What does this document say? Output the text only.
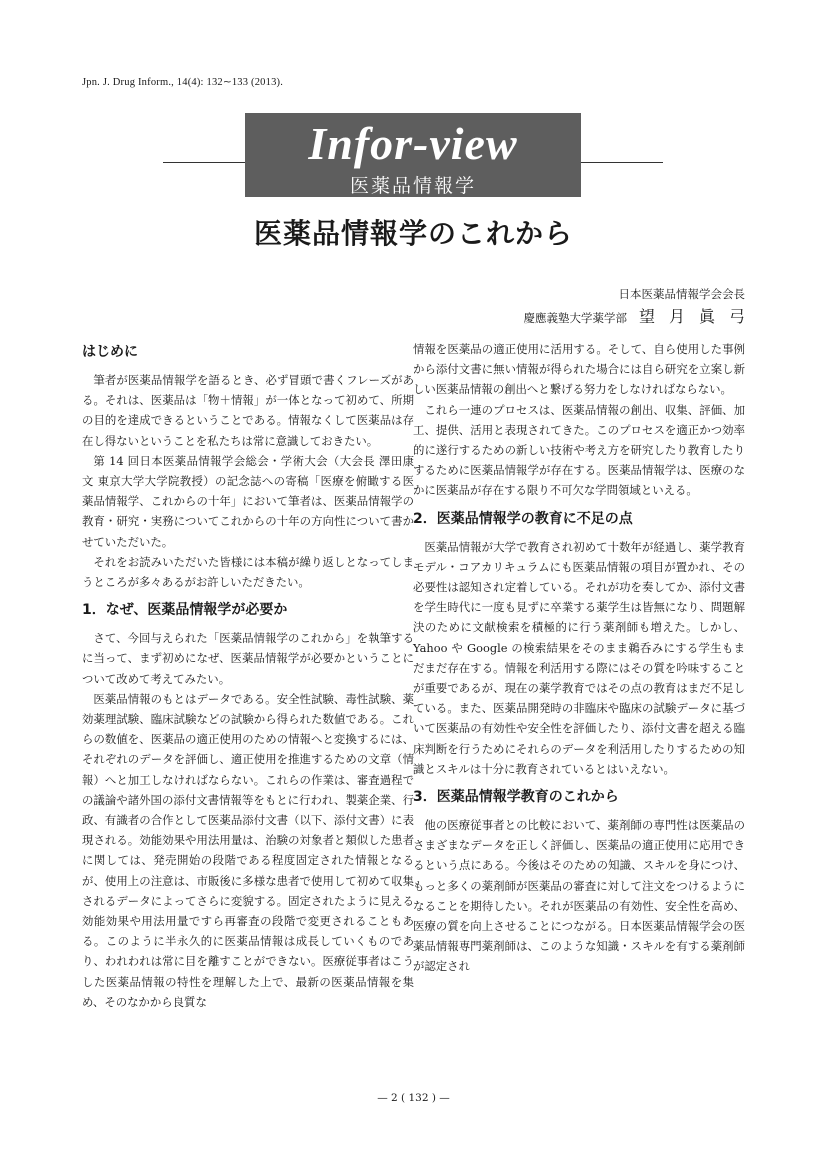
Jpn. J. Drug Inform., 14(4): 132∼133 (2013).
Infor-view
医薬品情報学
医薬品情報学のこれから
日本医薬品情報学会会長
慶應義塾大学薬学部 望月眞弓
はじめに

筆者が医薬品情報学を語るとき、必ず冒頭で書くフレーズがある。それは、医薬品は「物＋情報」が一体となって初めて、所期の目的を達成できるということである。情報なくして医薬品は存在し得ないということを私たちは常に意識しておきたい。

第 14 回日本医薬品情報学会総会・学術大会（大会長 澤田康文 東京大学大学院教授）の記念誌への寄稿「医療を俯瞰する医薬品情報学、これからの十年」において筆者は、医薬品情報学の教育・研究・実務についてこれからの十年の方向性について書かせていただいた。

それをお読みいただいた皆様には本稿が繰り返しとなってしまうところが多々あるがお許しいただきたい。

1．なぜ、医薬品情報学が必要か

さて、今回与えられた「医薬品情報学のこれから」を執筆するに当って、まず初めになぜ、医薬品情報学が必要かということについて改めて考えてみたい。

医薬品情報のもとはデータである。安全性試験、毒性試験、薬効薬理試験、臨床試験などの試験から得られた数値である。これらの数値を、医薬品の適正使用のための情報へと変換するには、それぞれのデータを評価し、適正使用を推進するための文章（情報）へと加工しなければならない。これらの作業は、審査過程での議論や諸外国の添付文書情報等をもとに行われ、製薬企業、行政、有識者の合作として医薬品添付文書（以下、添付文書）に表現される。効能効果や用法用量は、治験の対象者と類似した患者に関しては、発売開始の段階である程度固定された情報となるが、使用上の注意は、市販後に多様な患者で使用して初めて収集されるデータによってさらに変貌する。固定されたように見える効能効果や用法用量ですら再審査の段階で変更されることもある。このように半永久的に医薬品情報は成長していくものであり、われわれは常に目を離すことができない。医療従事者はこうした医薬品情報の特性を理解した上で、最新の医薬品情報を集め、そのなかから良質な

情報を医薬品の適正使用に活用する。そして、自ら使用した事例から添付文書に無い情報が得られた場合には自ら研究を立案し新しい医薬品情報の創出へと繋げる努力をしなければならない。

これら一連のプロセスは、医薬品情報の創出、収集、評価、加工、提供、活用と表現されてきた。このプロセスを適正かつ効率的に遂行するための新しい技術や考え方を研究したり教育したりするために医薬品情報学が存在する。医薬品情報学は、医療のなかに医薬品が存在する限り不可欠な学問領域といえる。

2．医薬品情報学の教育に不足の点

医薬品情報が大学で教育され初めて十数年が経過し、薬学教育モデル・コアカリキュラムにも医薬品情報の項目が置かれ、その必要性は認知され定着している。それが功を奏してか、添付文書を学生時代に一度も見ずに卒業する薬学生は皆無になり、問題解決のために文献検索を積極的に行う薬剤師も増えた。しかし、Yahoo や Google の検索結果をそのまま鵜呑みにする学生もまだまだ存在する。情報を利活用する際にはその質を吟味することが重要であるが、現在の薬学教育ではその点の教育はまだ不足している。また、医薬品開発時の非臨床や臨床の試験データに基づいて医薬品の有効性や安全性を評価したり、添付文書を超える臨床判断を行うためにそれらのデータを利活用したりするための知識とスキルは十分に教育されているとはいえない。

3．医薬品情報学教育のこれから

他の医療従事者との比較において、薬剤師の専門性は医薬品のさまざまなデータを正しく評価し、医薬品の適正使用に応用できるという点にある。今後はそのための知識、スキルを身につけ、もっと多くの薬剤師が医薬品の審査に対して注文をつけるようになることを期待したい。それが医薬品の有効性、安全性を高め、医療の質を向上させることにつながる。日本医薬品情報学会の医薬品情報専門薬剤師は、このような知識・スキルを有する薬剤師が認定され

— 2 ( 132 ) —
